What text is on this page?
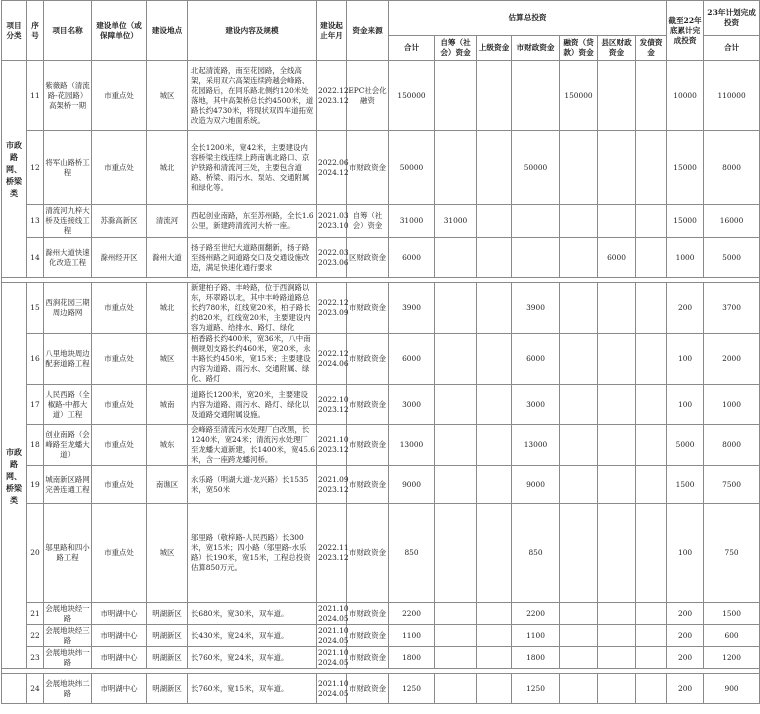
项目分类	序号	项目名称	建设单位（或保障单位）	建设地点	建设内容及规模	建设起止年月	资金来源	估算总投资							截至22年底累计完成投资	23年计划完成投资
								合计	自筹（社会）资金	上级资金	市财政资金	融资（贷款）资金	县区财政资金	发债资金		合计
市政路网、桥梁类	11	紫薇路（清流路-花园路）高架桥一期	市重点处	城区	北起清流路，南至花园路，全线高架，采用双六高架连续跨越会峰路、花园路后，在同乐路北侧约120米处落地，其中高架桥总长约4500米，道路长约4730米，将现状双四车道拓宽改造为双六地面系统。	2022.12 2023.12	EPC社会化融资	150000				150000			10000	110000
	12	将军山路桥工程	市重点处	城北	全长1200米，宽42米，主要建设内容桥梁主线连续上跨南谯北路口、京沪铁路和清流河三处，主要包含道路、桥梁、雨污水、泵站、交通附属和绿化等。	2022.06 2024.12	市财政资金	50000			50000				15000	8000
	13	清流河九梓大桥及连接线工程	苏滁高新区	清流河	西起创业南路，东至苏州路，全长1.6公里，新建跨清流河大桥一座。	2021.03 2023.10	自筹（社会）资金	31000	31000						15000	16000
	14	滁州大道快速化改造工程	滁州经开区	滁州大道	扬子路至世纪大道路面翻新，扬子路至扬州路之间道路交口及交通设施改造，满足快速化通行要求	2022.03 2023.06	区财政资金	6000					6000		1000	5000

市政路网、桥梁类	15	西涧花园三期周边路网	市重点处	城北	新建柏子路、丰岭路，位于西涧路以东，环翠路以北，其中丰岭路道路总长约780米，红线宽20米，柏子路长约820米，红线宽20米，主要建设内容为道路、给排水、路灯、绿化	2022.12 2023.09	市财政资金	3900			3900				200	3700
	16	八里地块周边配套道路工程	市重点处	城区	栢香路长约400米，宽36米，八中南侧规划支路长约460米，宽20米，永丰路长约450米，宽15米；主要建设内容为道路、雨污水、交通附属、绿化、路灯	2022.12 2024.06	市财政资金	6000			6000				100	2000
	17	人民西路（全椒路-中都大道）工程	市重点处	城南	道路长1200米，宽20米，主要建设内容为道路、雨污水、路灯、绿化以及道路交通附属设施。	2022.10 2023.12	市财政资金	3000			3000				100	1000
	18	创业南路（会峰路至龙蟠大道）	市重点处	城东	会峰路至清流污水处理厂白改黑，长1240米，宽24米；清流污水处理厂至龙蟠大道新建，长1400米，宽45.6米，含一座跨龙蟠河桥。	2021.10 2023.12	市财政资金	13000			13000				5000	8000
	19	城南新区路网完善连通工程	市重点处	南谯区	永乐路（明湖大道-龙兴路）长1535米，宽50米	2021.09 2023.12	市财政资金	9000			9000				1500	7500
	20	邬里路和四小路工程	市重点处	城区	邬里路（敬梓路-人民西路）长300米，宽15米；四小路（邬里路-水乐路）长190米，宽15米，工程总投资估算850万元。	2022.11 2023.12	市财政资金	850			850				100	750
	21	会展地块经一路	市明湖中心	明湖新区	长680米，宽30米，双车道。	2021.10 2024.05	市财政资金	2200			2200				200	1500
	22	会展地块经三路	市明湖中心	明湖新区	长430米，宽24米，双车道。	2021.10 2024.05	市财政资金	1100			1100				200	600
	23	会展地块纬一路	市明湖中心	明湖新区	长760米，宽24米，双车道。	2021.10 2024.05	市财政资金	1800			1800				200	1200

	24	会展地块纬二路	市明湖中心	明湖新区	长760米，宽15米，双车道。	2021.10 2024.05	市财政资金	1250			1250				200	900
